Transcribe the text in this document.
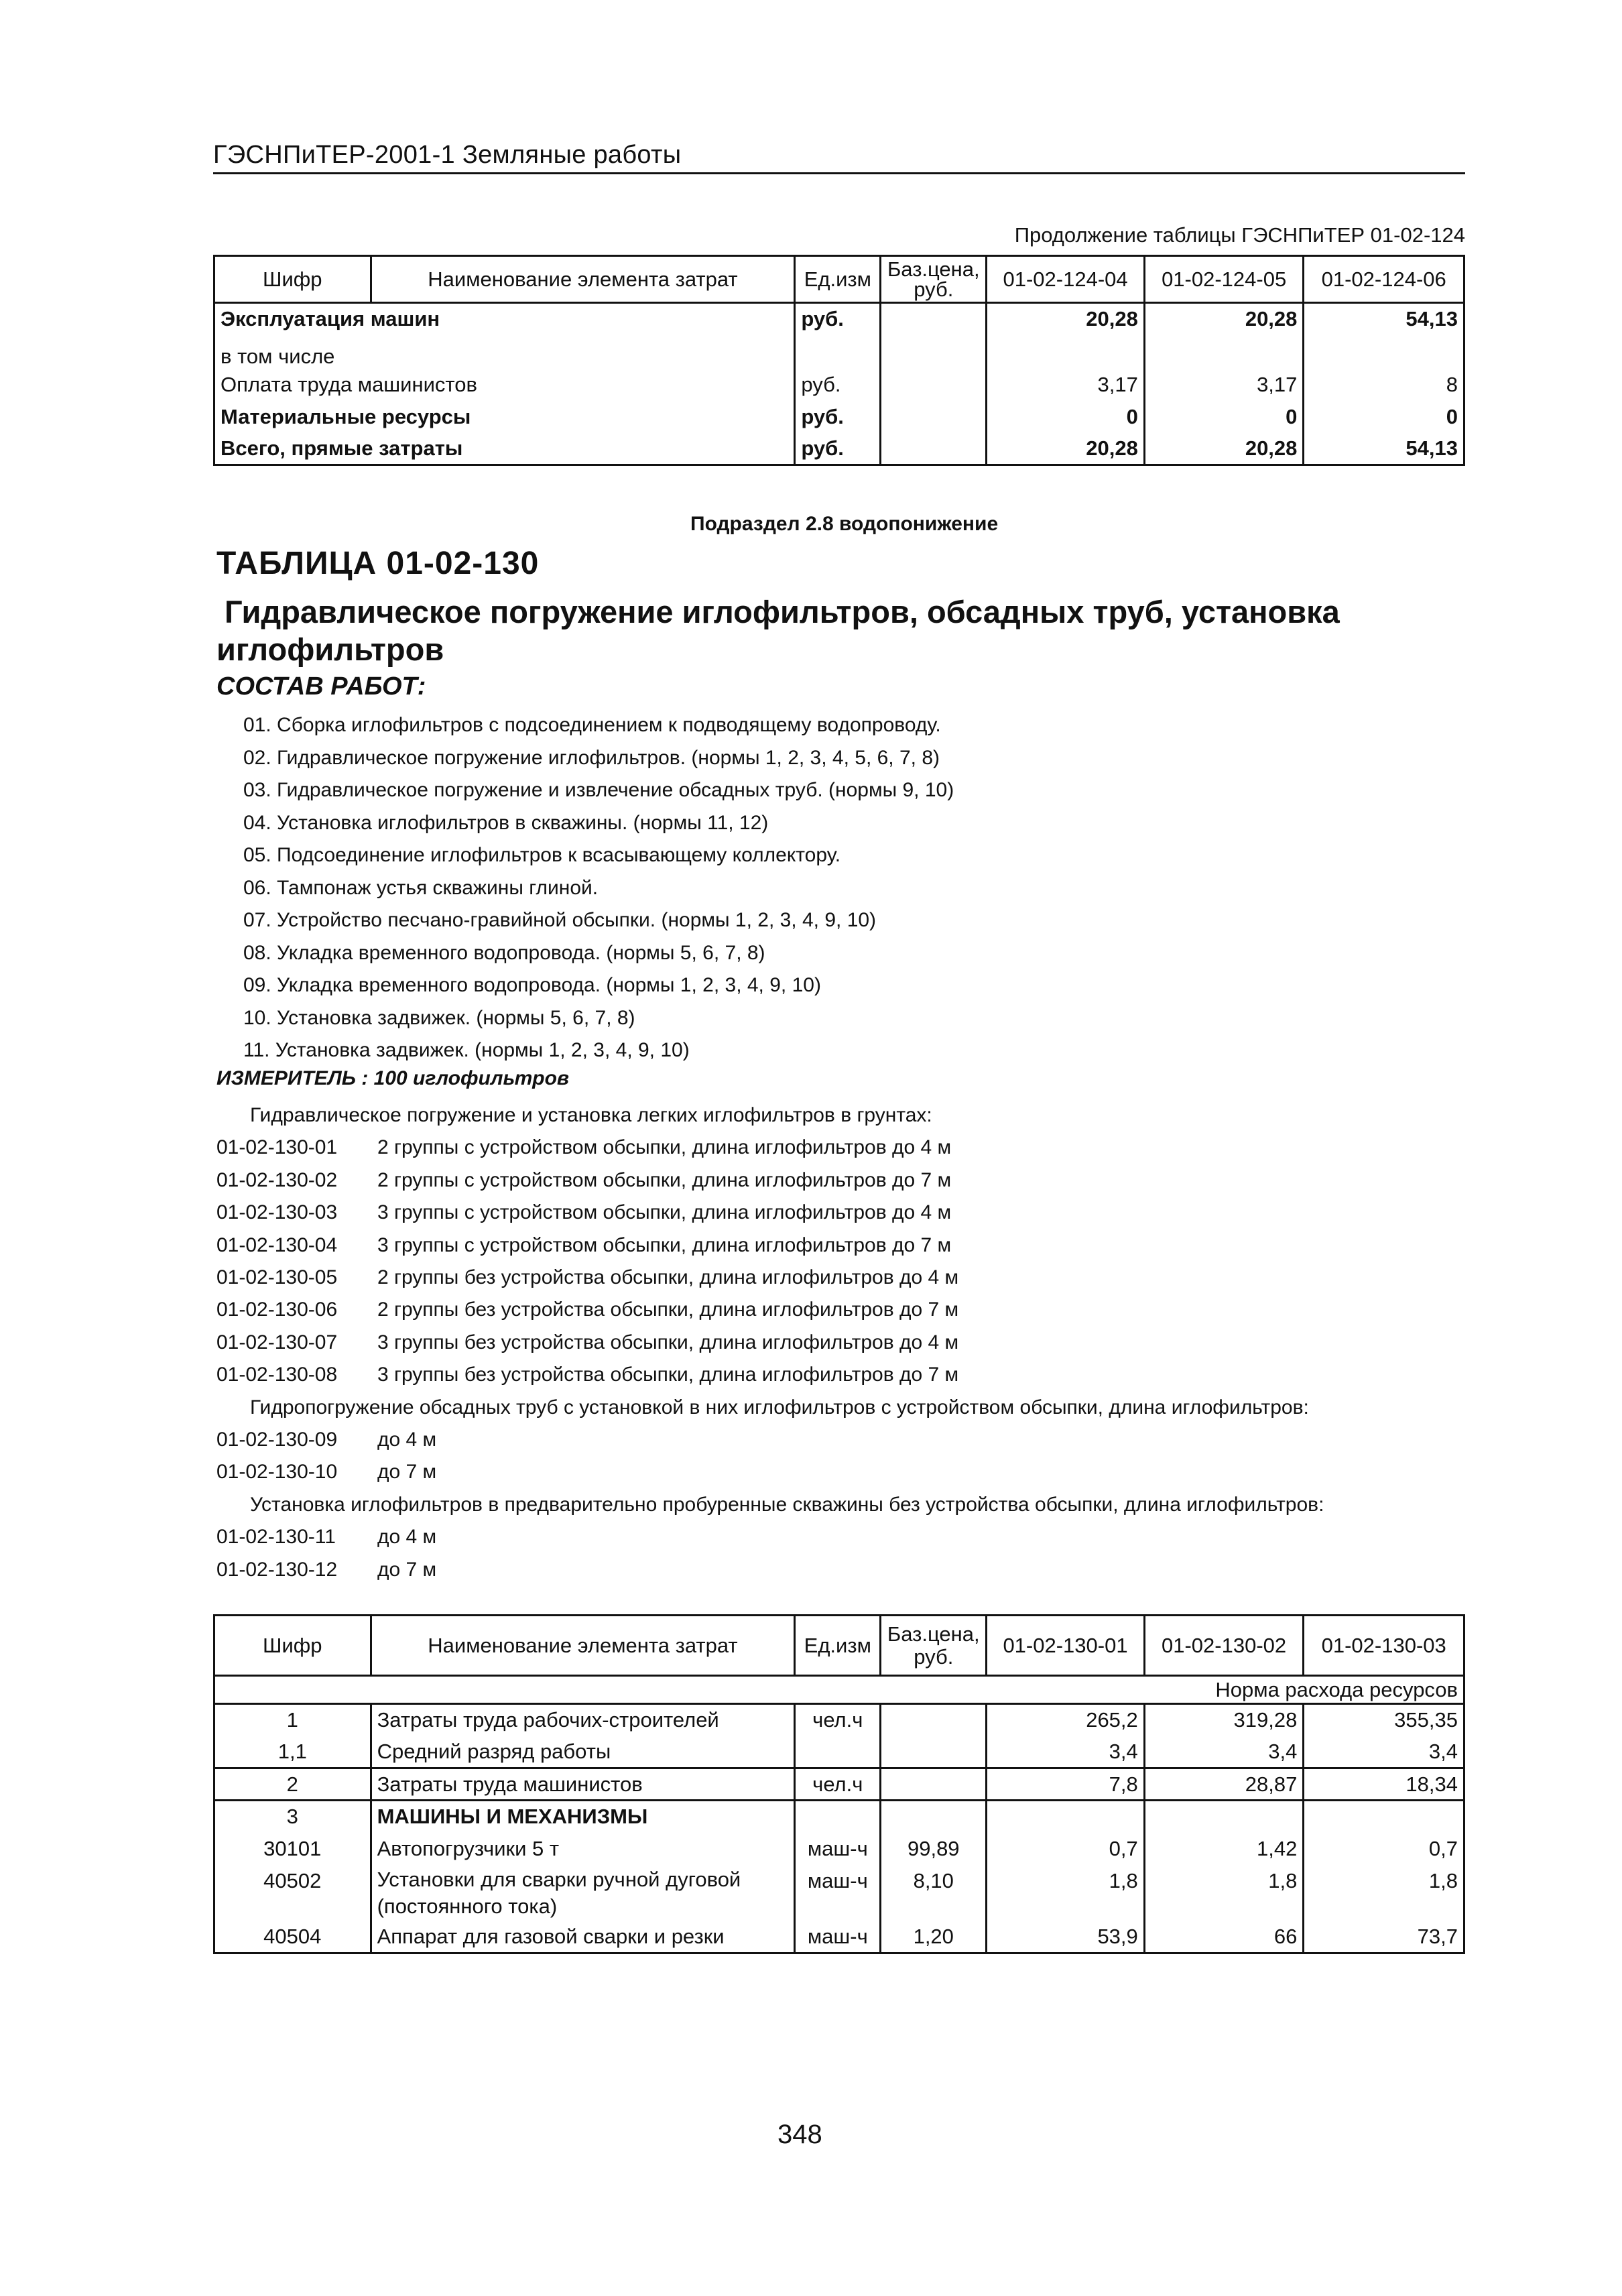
ГЭСНПиТЕР-2001-1 Земляные работы
Продолжение таблицы ГЭСНПиТЕР 01-02-124
Шифр	Наименование элемента затрат	Ед.изм	Баз.цена, руб.	01-02-124-04	01-02-124-05	01-02-124-06
Эксплуатация машин		руб.		20,28	20,28	54,13
в том числе						
Оплата труда машинистов		руб.		3,17	3,17	8
Материальные ресурсы		руб.		0	0	0
Всего, прямые затраты		руб.		20,28	20,28	54,13
Подраздел 2.8 водопонижение
ТАБЛИЦА 01-02-130
Гидравлическое погружение иглофильтров, обсадных труб, установка иглофильтров
СОСТАВ РАБОТ:
01. Сборка иглофильтров с подсоединением к подводящему водопроводу.
02. Гидравлическое погружение иглофильтров. (нормы 1, 2, 3, 4, 5, 6, 7, 8)
03. Гидравлическое погружение и извлечение обсадных труб. (нормы 9, 10)
04. Установка иглофильтров в скважины. (нормы 11, 12)
05. Подсоединение иглофильтров к всасывающему коллектору.
06. Тампонаж устья скважины глиной.
07. Устройство песчано-гравийной обсыпки. (нормы 1, 2, 3, 4, 9, 10)
08. Укладка временного водопровода. (нормы 5, 6, 7, 8)
09. Укладка временного водопровода. (нормы 1, 2, 3, 4, 9, 10)
10. Установка задвижек. (нормы 5, 6, 7, 8)
11. Установка задвижек. (нормы 1, 2, 3, 4, 9, 10)
ИЗМЕРИТЕЛЬ : 100 иглофильтров
Гидравлическое погружение и установка легких иглофильтров в грунтах:
01-02-130-01	2 группы с устройством обсыпки, длина иглофильтров до 4 м
01-02-130-02	2 группы с устройством обсыпки, длина иглофильтров до 7 м
01-02-130-03	3 группы с устройством обсыпки, длина иглофильтров до 4 м
01-02-130-04	3 группы с устройством обсыпки, длина иглофильтров до 7 м
01-02-130-05	2 группы без устройства обсыпки, длина иглофильтров до 4 м
01-02-130-06	2 группы без устройства обсыпки, длина иглофильтров до 7 м
01-02-130-07	3 группы без устройства обсыпки, длина иглофильтров до 4 м
01-02-130-08	3 группы без устройства обсыпки, длина иглофильтров до 7 м
Гидропогружение обсадных труб с установкой в них иглофильтров с устройством обсыпки, длина иглофильтров:
01-02-130-09	до 4 м
01-02-130-10	до 7 м
Установка иглофильтров в предварительно пробуренные скважины без устройства обсыпки, длина иглофильтров:
01-02-130-11	до 4 м
01-02-130-12	до 7 м
Шифр	Наименование элемента затрат	Ед.изм	Баз.цена, руб.	01-02-130-01	01-02-130-02	01-02-130-03
Норма расхода ресурсов						
1	Затраты труда рабочих-строителей	чел.ч		265,2	319,28	355,35
1,1	Средний разряд работы			3,4	3,4	3,4
2	Затраты труда машинистов	чел.ч		7,8	28,87	18,34
3	МАШИНЫ И МЕХАНИЗМЫ					
30101	Автопогрузчики 5 т	маш-ч	99,89	0,7	1,42	0,7
40502	Установки для сварки ручной дуговой (постоянного тока)	маш-ч	8,10	1,8	1,8	1,8
40504	Аппарат для газовой сварки и резки	маш-ч	1,20	53,9	66	73,7
348
